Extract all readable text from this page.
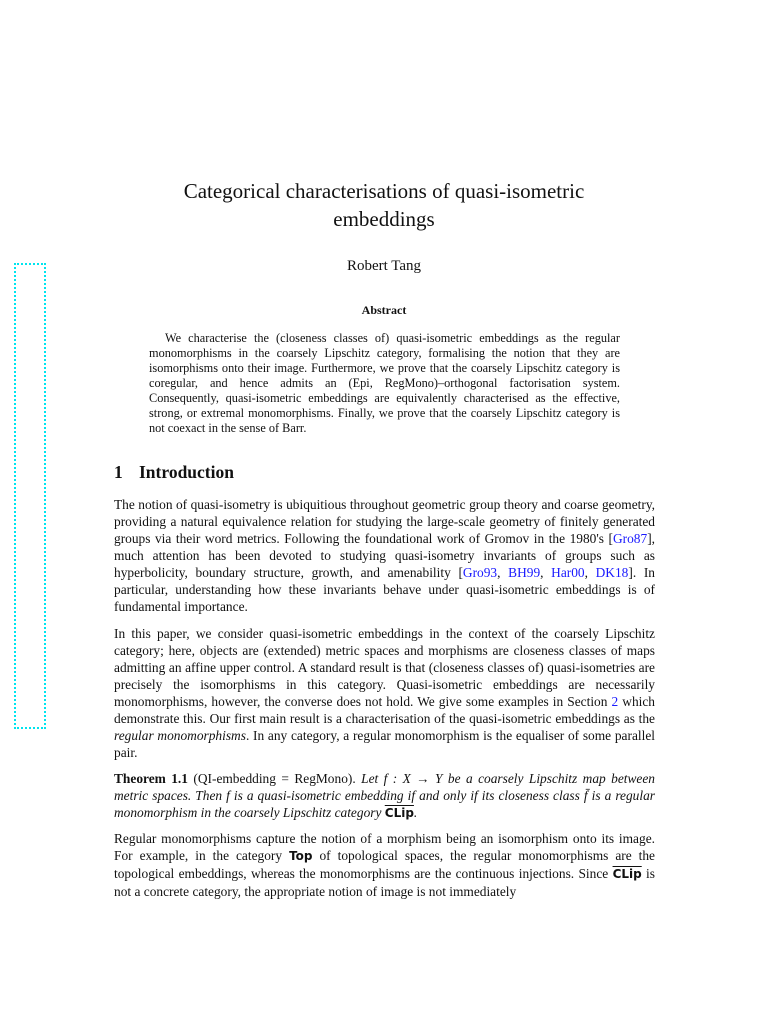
Categorical characterisations of quasi-isometric
embeddings
Robert Tang
Abstract

We characterise the (closeness classes of) quasi-isometric embeddings as the regular monomorphisms in the coarsely Lipschitz category, formalising the notion that they are isomorphisms onto their image. Furthermore, we prove that the coarsely Lipschitz category is coregular, and hence admits an (Epi, RegMono)–orthogonal factorisation system. Consequently, quasi-isometric embeddings are equivalently characterised as the effective, strong, or extremal monomorphisms. Finally, we prove that the coarsely Lipschitz category is not coexact in the sense of Barr.

1 Introduction

The notion of quasi-isometry is ubiquitious throughout geometric group theory and coarse geometry, providing a natural equivalence relation for studying the large-scale geometry of finitely generated groups via their word metrics. Following the foundational work of Gromov in the 1980's [Gro87], much attention has been devoted to studying quasi-isometry invariants of groups such as hyperbolicity, boundary structure, growth, and amenability [Gro93, BH99, Har00, DK18]. In particular, understanding how these invariants behave under quasi-isometric embeddings is of fundamental importance.

In this paper, we consider quasi-isometric embeddings in the context of the coarsely Lipschitz category; here, objects are (extended) metric spaces and morphisms are closeness classes of maps admitting an affine upper control. A standard result is that (closeness classes of) quasi-isometries are precisely the isomorphisms in this category. Quasi-isometric embeddings are necessarily monomorphisms, however, the converse does not hold. We give some examples in Section 2 which demonstrate this. Our first main result is a characterisation of the quasi-isometric embeddings as the regular monomorphisms. In any category, a regular monomorphism is the equaliser of some parallel pair.

Theorem 1.1 (QI-embedding = RegMono). Let f : X → Y be a coarsely Lipschitz map between metric spaces. Then f is a quasi-isometric embedding if and only if its closeness class f̄ is a regular monomorphism in the coarsely Lipschitz category CLip.

Regular monomorphisms capture the notion of a morphism being an isomorphism onto its image. For example, in the category Top of topological spaces, the regular monomorphisms are the topological embeddings, whereas the monomorphisms are the continuous injections. Since CLip is not a concrete category, the appropriate notion of image is not immediately
